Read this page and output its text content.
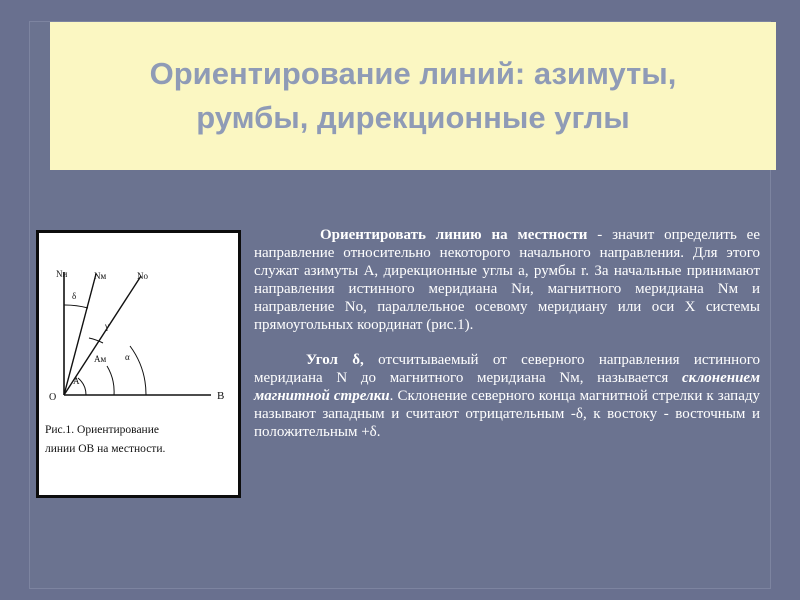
Ориентирование линий: азимуты,
румбы, дирекционные углы
Nи	Nм	Nо
δ
γ
Aм α
A
O	B
Рис.1. Ориентирование
линии ОВ на местности.

Ориентировать линию на местности - значит определить ее направление относительно некоторого начального направления. Для этого служат азимуты А, дирекционные углы а, румбы r. За начальные принимают направления истинного меридиана Nи, магнитного меридиана Nм и направление Nо, параллельное осевому меридиану или оси X системы прямоугольных координат (рис.1).

Угол δ, отсчитываемый от северного направления истинного меридиана N до магнитного меридиана Nм, называется склонением магнитной стрелки. Склонение северного конца магнитной стрелки к западу называют западным и считают отрицательным -δ, к востоку - восточным и положительным +δ.
